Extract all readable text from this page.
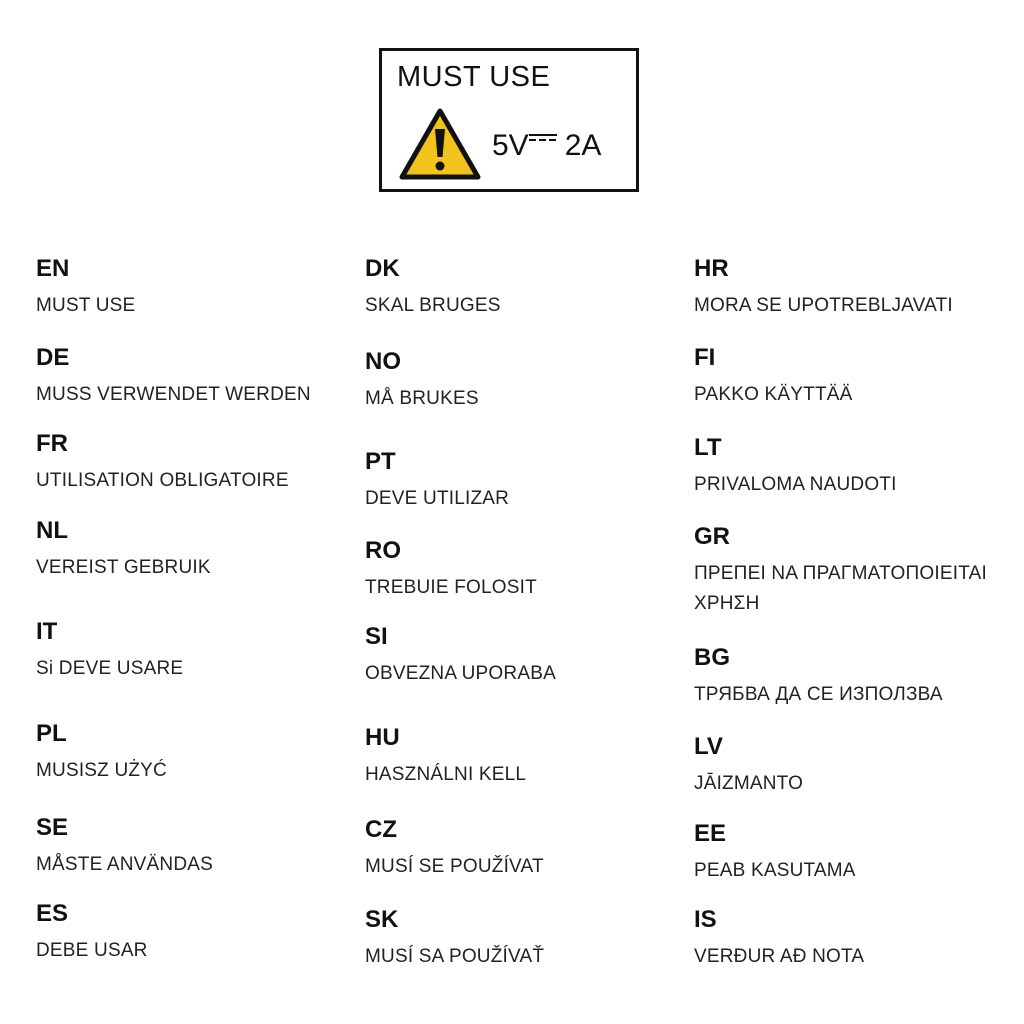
MUST USE
5V 2A
EN
MUST USE
DE
MUSS VERWENDET WERDEN
FR
UTILISATION OBLIGATOIRE
NL
VEREIST GEBRUIK
IT
Si DEVE USARE
PL
MUSISZ UŻYĆ
SE
MÅSTE ANVÄNDAS
ES
DEBE USAR
DK
SKAL BRUGES
NO
MÅ BRUKES
PT
DEVE UTILIZAR
RO
TREBUIE FOLOSIT
SI
OBVEZNA UPORABA
HU
HASZNÁLNI KELL
CZ
MUSÍ SE POUŽÍVAT
SK
MUSÍ SA POUŽÍVAŤ
HR
MORA SE UPOTREBLJAVATI
FI
PAKKO KÄYTTÄÄ
LT
PRIVALOMA NAUDOTI
GR
ΠΡΕΠΕΙ ΝΑ ΠΡΑΓΜΑΤΟΠΟΙΕΙΤΑΙ ΧΡΗΣΗ
BG
ТРЯБВА ДА СЕ ИЗПОЛЗВА
LV
JĀIZMANTO
EE
PEAB KASUTAMA
IS
VERÐUR AÐ NOTA
